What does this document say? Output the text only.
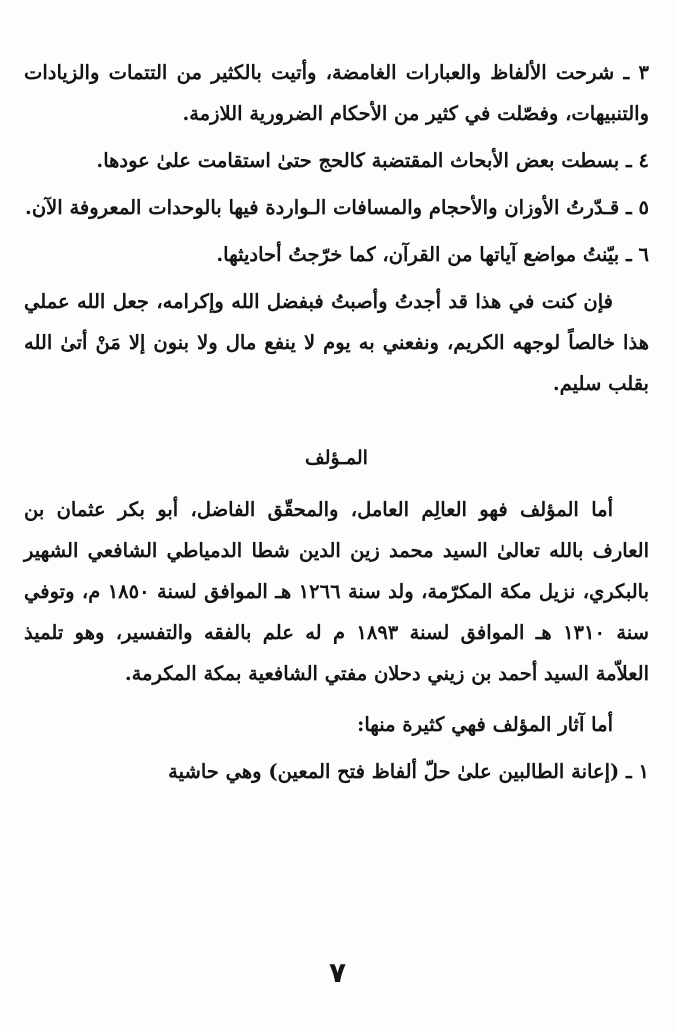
٣ ـ شرحت الألفاظ والعبارات الغامضة، وأتيت بالكثير من التتمات والزيادات والتنبيهات، وفصّلت في كثير من الأحكام الضرورية اللازمة.

٤ ـ بسطت بعض الأبحاث المقتضبة كالحج حتىٰ استقامت علىٰ عودها.

٥ ـ قـدّرتُ الأوزان والأحجام والمسافات الـواردة فيها بالوحدات المعروفة الآن.

٦ ـ بيّنتُ مواضع آياتها من القرآن، كما خرّجتُ أحاديثها.

فإن كنت في هذا قد أجدتُ وأصبتُ فبفضل الله وإكرامه، جعل الله عملي هذا خالصاً لوجهه الكريم، ونفعني به يوم لا ينفع مال ولا بنون إلا مَنْ أتىٰ الله بقلب سليم.

المـؤلف

أما المؤلف فهو العالِم العامل، والمحقّق الفاضل، أبو بكر عثمان بن العارف بالله تعالىٰ السيد محمد زين الدين شطا الدمياطي الشافعي الشهير بالبكري، نزيل مكة المكرّمة، ولد سنة ١٢٦٦ هـ الموافق لسنة ١٨٥٠ م، وتوفي سنة ١٣١٠ هـ الموافق لسنة ١٨٩٣ م له علم بالفقه والتفسير، وهو تلميذ العلاّمة السيد أحمد بن زيني دحلان مفتي الشافعية بمكة المكرمة.

أما آثار المؤلف فهي كثيرة منها:

١ ـ (إعانة الطالبين علىٰ حلّ ألفاظ فتح المعين) وهي حاشية

٧
